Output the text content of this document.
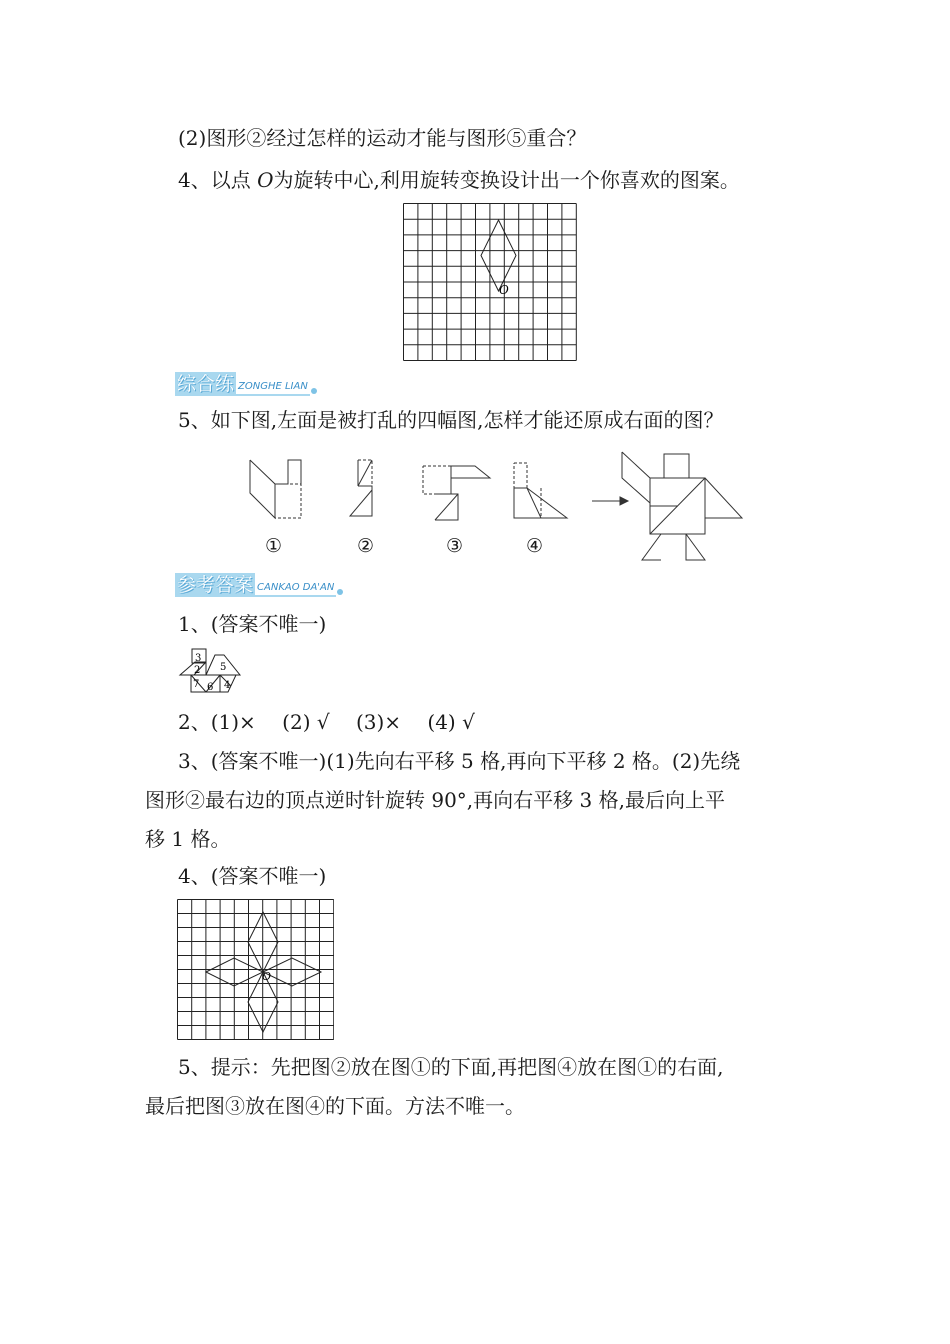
(2)图形②经过怎样的运动才能与图形⑤重合？
4、以点 O为旋转中心,利用旋转变换设计出一个你喜欢的图案。
O
综合练 ZONGHE LIAN
5、如下图,左面是被打乱的四幅图,怎样才能还原成右面的图？
①	②	③	④
参考答案 CANKAO DA'AN
1、(答案不唯一)
3
2 5
7 6 4
2、(1)×　 (2) √　 (3)×　 (4) √
3、(答案不唯一)(1)先向右平移 5 格,再向下平移 2 格。(2)先绕
图形②最右边的顶点逆时针旋转 90°,再向右平移 3 格,最后向上平
移 1 格。
4、(答案不唯一)
O
5、提示：先把图②放在图①的下面,再把图④放在图①的右面,
最后把图③放在图④的下面。方法不唯一。
